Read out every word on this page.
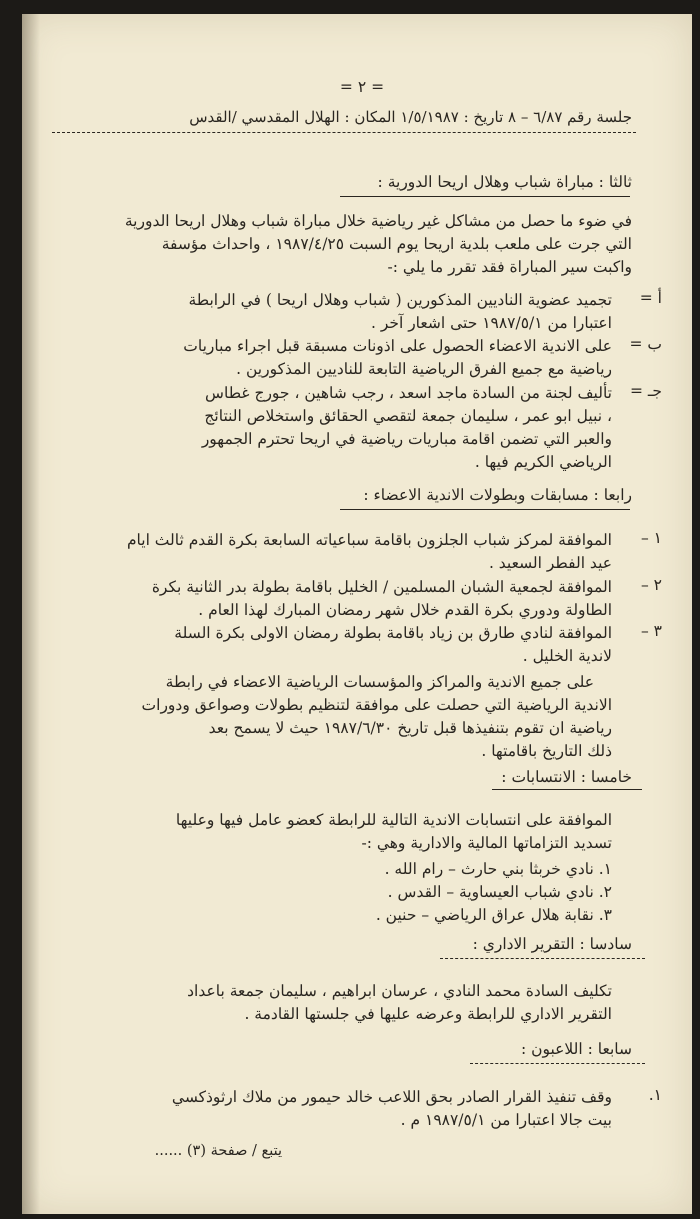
= ٢ =
جلسة رقم ٦/٨٧ – ٨ تاريخ : ١/٥/١٩٨٧ المكان : الهلال المقدسي /القدس
ثالثا : مباراة شباب وهلال اريحا الدورية :
في ضوء ما حصل من مشاكل غير رياضية خلال مباراة شباب وهلال اريحا الدورية
التي جرت على ملعب بلدية اريحا يوم السبت ١٩٨٧/٤/٢٥ ، واحداث مؤسفة
واكبت سير المباراة فقد تقرر ما يلي :-
أ =
تجميد عضوية الناديين المذكورين ( شباب وهلال اريحا ) في الرابطة
اعتبارا من ١٩٨٧/٥/١ حتى اشعار آخر .
ب =
على الاندية الاعضاء الحصول على اذونات مسبقة قبل اجراء مباريات
رياضية مع جميع الفرق الرياضية التابعة للناديين المذكورين .
جـ =
تأليف لجنة من السادة ماجد اسعد ، رجب شاهين ، جورج غطاس
، نبيل ابو عمر ، سليمان جمعة لتقصي الحقائق واستخلاص النتائج
والعبر التي تضمن اقامة مباريات رياضية في اريحا تحترم الجمهور
الرياضي الكريم فيها .
رابعا : مسابقات وبطولات الاندية الاعضاء :
١ –
الموافقة لمركز شباب الجلزون باقامة سباعياته السابعة بكرة القدم ثالث ايام
عيد الفطر السعيد .
٢ –
الموافقة لجمعية الشبان المسلمين / الخليل باقامة بطولة بدر الثانية بكرة
الطاولة ودوري بكرة القدم خلال شهر رمضان المبارك لهذا العام .
٣ –
الموافقة لنادي طارق بن زياد باقامة بطولة رمضان الاولى بكرة السلة
لاندية الخليل .
على جميع الاندية والمراكز والمؤسسات الرياضية الاعضاء في رابطة
الاندية الرياضية التي حصلت على موافقة لتنظيم بطولات وصواعق ودورات
رياضية ان تقوم بتنفيذها قبل تاريخ ١٩٨٧/٦/٣٠ حيث لا يسمح بعد
ذلك التاريخ باقامتها .
خامسا : الانتسابات :
الموافقة على انتسابات الاندية التالية للرابطة كعضو عامل فيها وعليها
تسديد التزاماتها المالية والادارية وهي :-
١. نادي خربثا بني حارث – رام الله .
٢. نادي شباب العيساوية – القدس .
٣. نقابة هلال عراق الرياضي – حنين .
سادسا : التقرير الاداري :
تكليف السادة محمد النادي ، عرسان ابراهيم ، سليمان جمعة باعداد
التقرير الاداري للرابطة وعرضه عليها في جلستها القادمة .
سابعا : اللاعبون :
١.
وقف تنفيذ القرار الصادر بحق اللاعب خالد حيمور من ملاك ارثوذكسي
بيت جالا اعتبارا من ١٩٨٧/٥/١ م .
يتبع / صفحة (٣) ......
